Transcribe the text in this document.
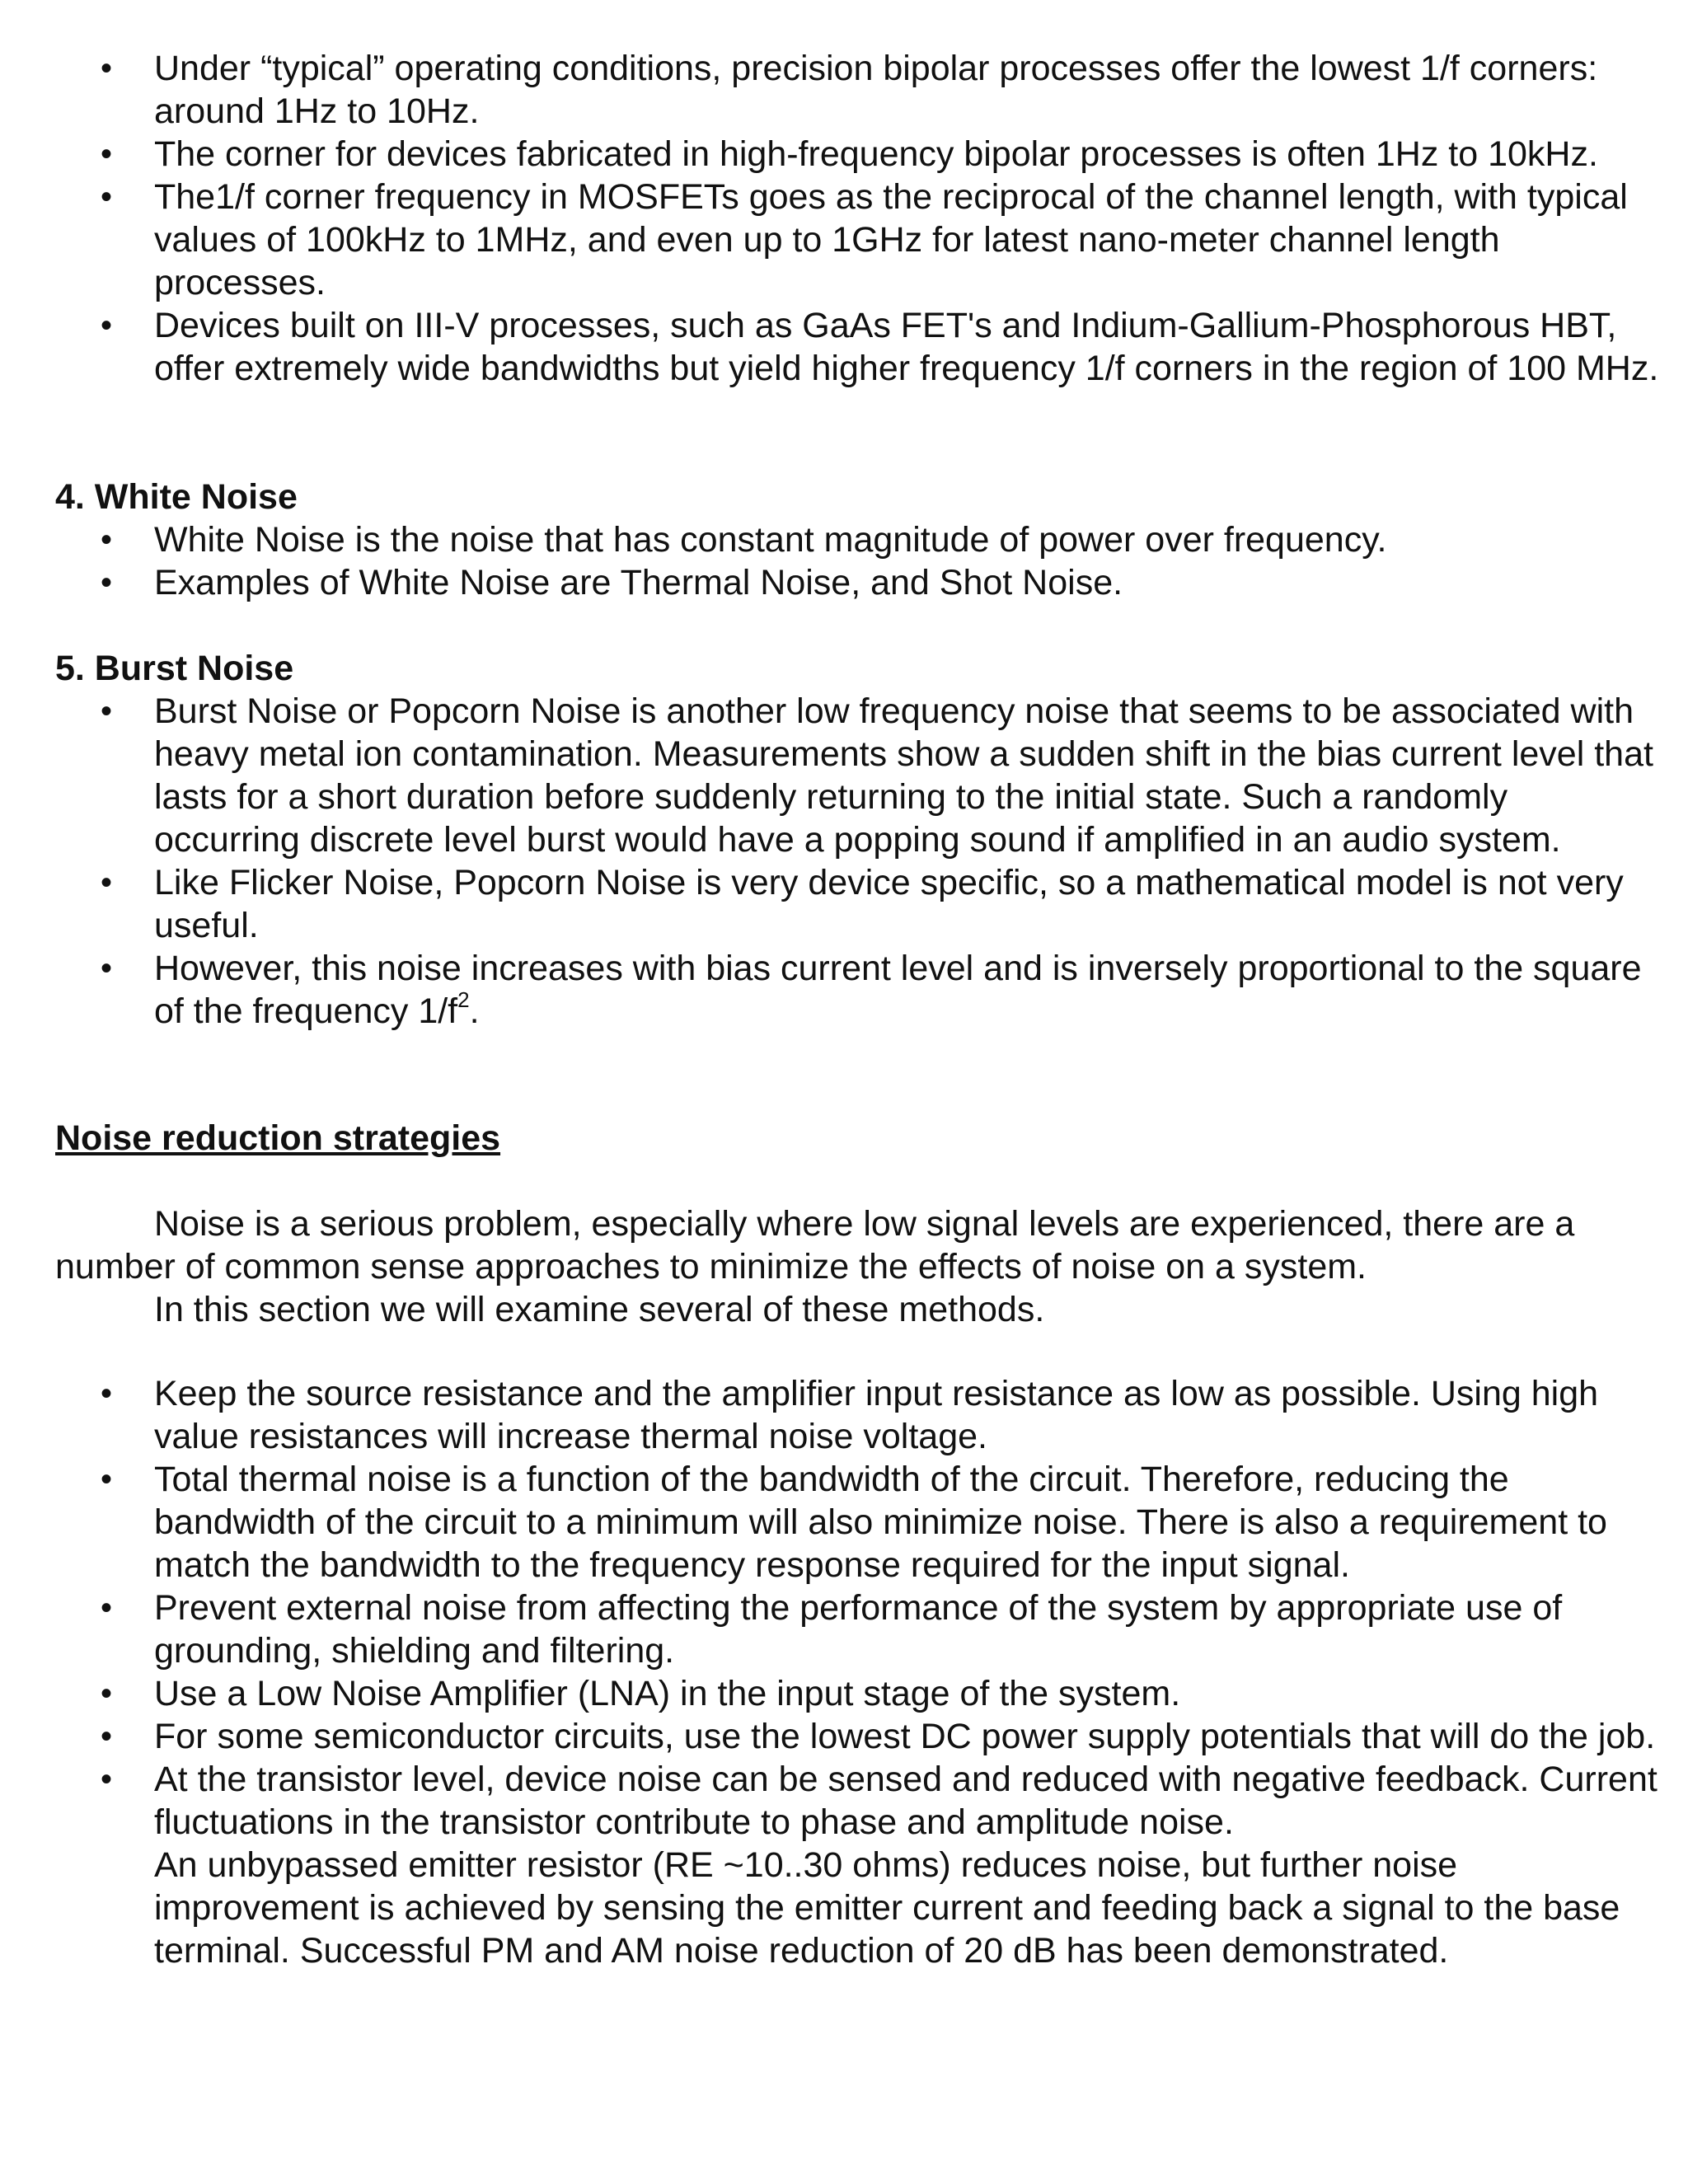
• Under “typical” operating conditions, precision bipolar processes offer the lowest 1/f corners: around 1Hz to 10Hz.
• The corner for devices fabricated in high-frequency bipolar processes is often 1Hz to 10kHz.
• The1/f corner frequency in MOSFETs goes as the reciprocal of the channel length, with typical values of 100kHz to 1MHz, and even up to 1GHz for latest nano-meter channel length processes.
• Devices built on III-V processes, such as GaAs FET's and Indium-Gallium-Phosphorous HBT, offer extremely wide bandwidths but yield higher frequency 1/f corners in the region of 100 MHz.
4. White Noise
• White Noise is the noise that has constant magnitude of power over frequency.
• Examples of White Noise are Thermal Noise, and Shot Noise.
5. Burst Noise
• Burst Noise or Popcorn Noise is another low frequency noise that seems to be associated with heavy metal ion contamination. Measurements show a sudden shift in the bias current level that lasts for a short duration before suddenly returning to the initial state. Such a randomly occurring discrete level burst would have a popping sound if amplified in an audio system.
• Like Flicker Noise, Popcorn Noise is very device specific, so a mathematical model is not very useful.
• However, this noise increases with bias current level and is inversely proportional to the square of the frequency $1/f^2$.
Noise reduction strategies

Noise is a serious problem, especially where low signal levels are experienced, there are a number of common sense approaches to minimize the effects of noise on a system.

In this section we will examine several of these methods.

• Keep the source resistance and the amplifier input resistance as low as possible. Using high value resistances will increase thermal noise voltage.
• Total thermal noise is a function of the bandwidth of the circuit. Therefore, reducing the bandwidth of the circuit to a minimum will also minimize noise. There is also a requirement to match the bandwidth to the frequency response required for the input signal.
• Prevent external noise from affecting the performance of the system by appropriate use of grounding, shielding and filtering.
• Use a Low Noise Amplifier (LNA) in the input stage of the system.
• For some semiconductor circuits, use the lowest DC power supply potentials that will do the job.
• At the transistor level, device noise can be sensed and reduced with negative feedback. Current fluctuations in the transistor contribute to phase and amplitude noise.
An unbypassed emitter resistor (RE ~10..30 ohms) reduces noise, but further noise improvement is achieved by sensing the emitter current and feeding back a signal to the base terminal. Successful PM and AM noise reduction of 20 dB has been demonstrated.
